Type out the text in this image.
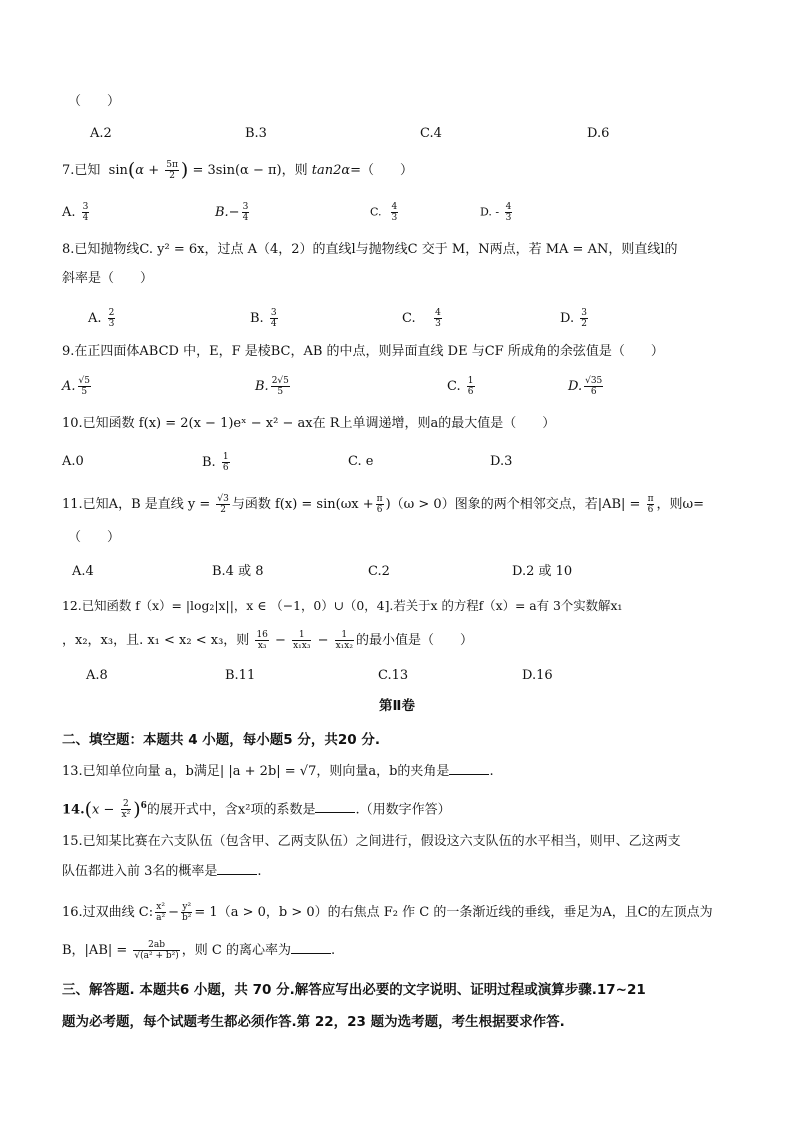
（　　）
A.2	B.3	C.4	D.6
7.已知  $\sin(\alpha + \frac{5\pi}{2}$ ) = 3sin(α − π)，则 tan2α=（　　）
A. $\frac{3}{4}$	$B.- \frac{3}{4}$	C. $\frac{4}{3}$	D. - $\frac{4}{3}$
8.已知抛物线C. y² = 6x，过点 A（4，2）的直线l与抛物线C 交于 M，N两点，若 MA = AN，则直线l的
斜率是（　　）
A. $\frac{2}{3}$	B. $\frac{3}{4}$	C. $\frac{4}{3}$	D. $\frac{3}{2}$
9.在正四面体ABCD 中，E，F 是棱BC，AB 的中点，则异面直线 DE 与CF 所成角的余弦值是（　　）
A. $\frac{√5}{5}$	B. $\frac{2√5}{5}$	C. $\frac{1}{6}$	D. $\frac{√35}{6}$
10.已知函数 f(x) = 2(x − 1)eˣ − x² − ax在 R上单调递增，则a的最大值是（　　）
A.0	B. $\frac{1}{6}$	C. e	D.3
11.已知A，B 是直线 $y = \frac{√3}{2}$ 与函数 $f(x) = \sin(\omega x + \frac{\pi}{6} )(\omega > 0)$图象的两个相邻交点，若$|AB| = \frac{\pi}{6}$ ，则ω=
（　　）
A.4	B.4 或 8	C.2	D.2 或 10
12.已知函数 f（x）= |log₂|x||，x ∈ （−1，0）∪（0，4].若关于x 的方程f（x）= a有 3个实数解x₁
，x₂，x₃，且. x₁ < x₂ < x₃，则 $\frac{16}{\text{x₃}} - \frac{1}{\text{x₁x₃}} - \frac{1}{\text{x₁x₂}}$ 的最小值是（　　）
A.8	B.11	C.13	D.16
第Ⅱ卷
二、填空题：本题共 4 小题，每小题5 分，共20 分.
13.已知单位向量 a，b满足| |a + 2b| = √7，则向量a，b的夹角是	.
$14.(x - \frac{2}{\text{x²}} )^6$的展开式中，含x²项的系数是	.（用数字作答）
15.已知某比赛在六支队伍（包含甲、乙两支队伍）之间进行，假设这六支队伍的水平相当，则甲、乙这两支
队伍都进入前 3名的概率是	.
16.过双曲线 C: $\frac{\text{x²}}{\text{a²}} - \frac{\text{y²}}{\text{b²}} = 1(a > 0$，b > 0）的右焦点 F₂ 作 C 的一条渐近线的垂线，垂足为A，且C的左顶点为
B，$|AB| = \frac{2ab}{\text{√(a² + b²)}}$ ，则 C 的离心率为	.
三、解答题. 本题共6 小题，共 70 分.解答应写出必要的文字说明、证明过程或演算步骤.17~21
题为必考题，每个试题考生都必须作答.第 22，23 题为选考题，考生根据要求作答.
